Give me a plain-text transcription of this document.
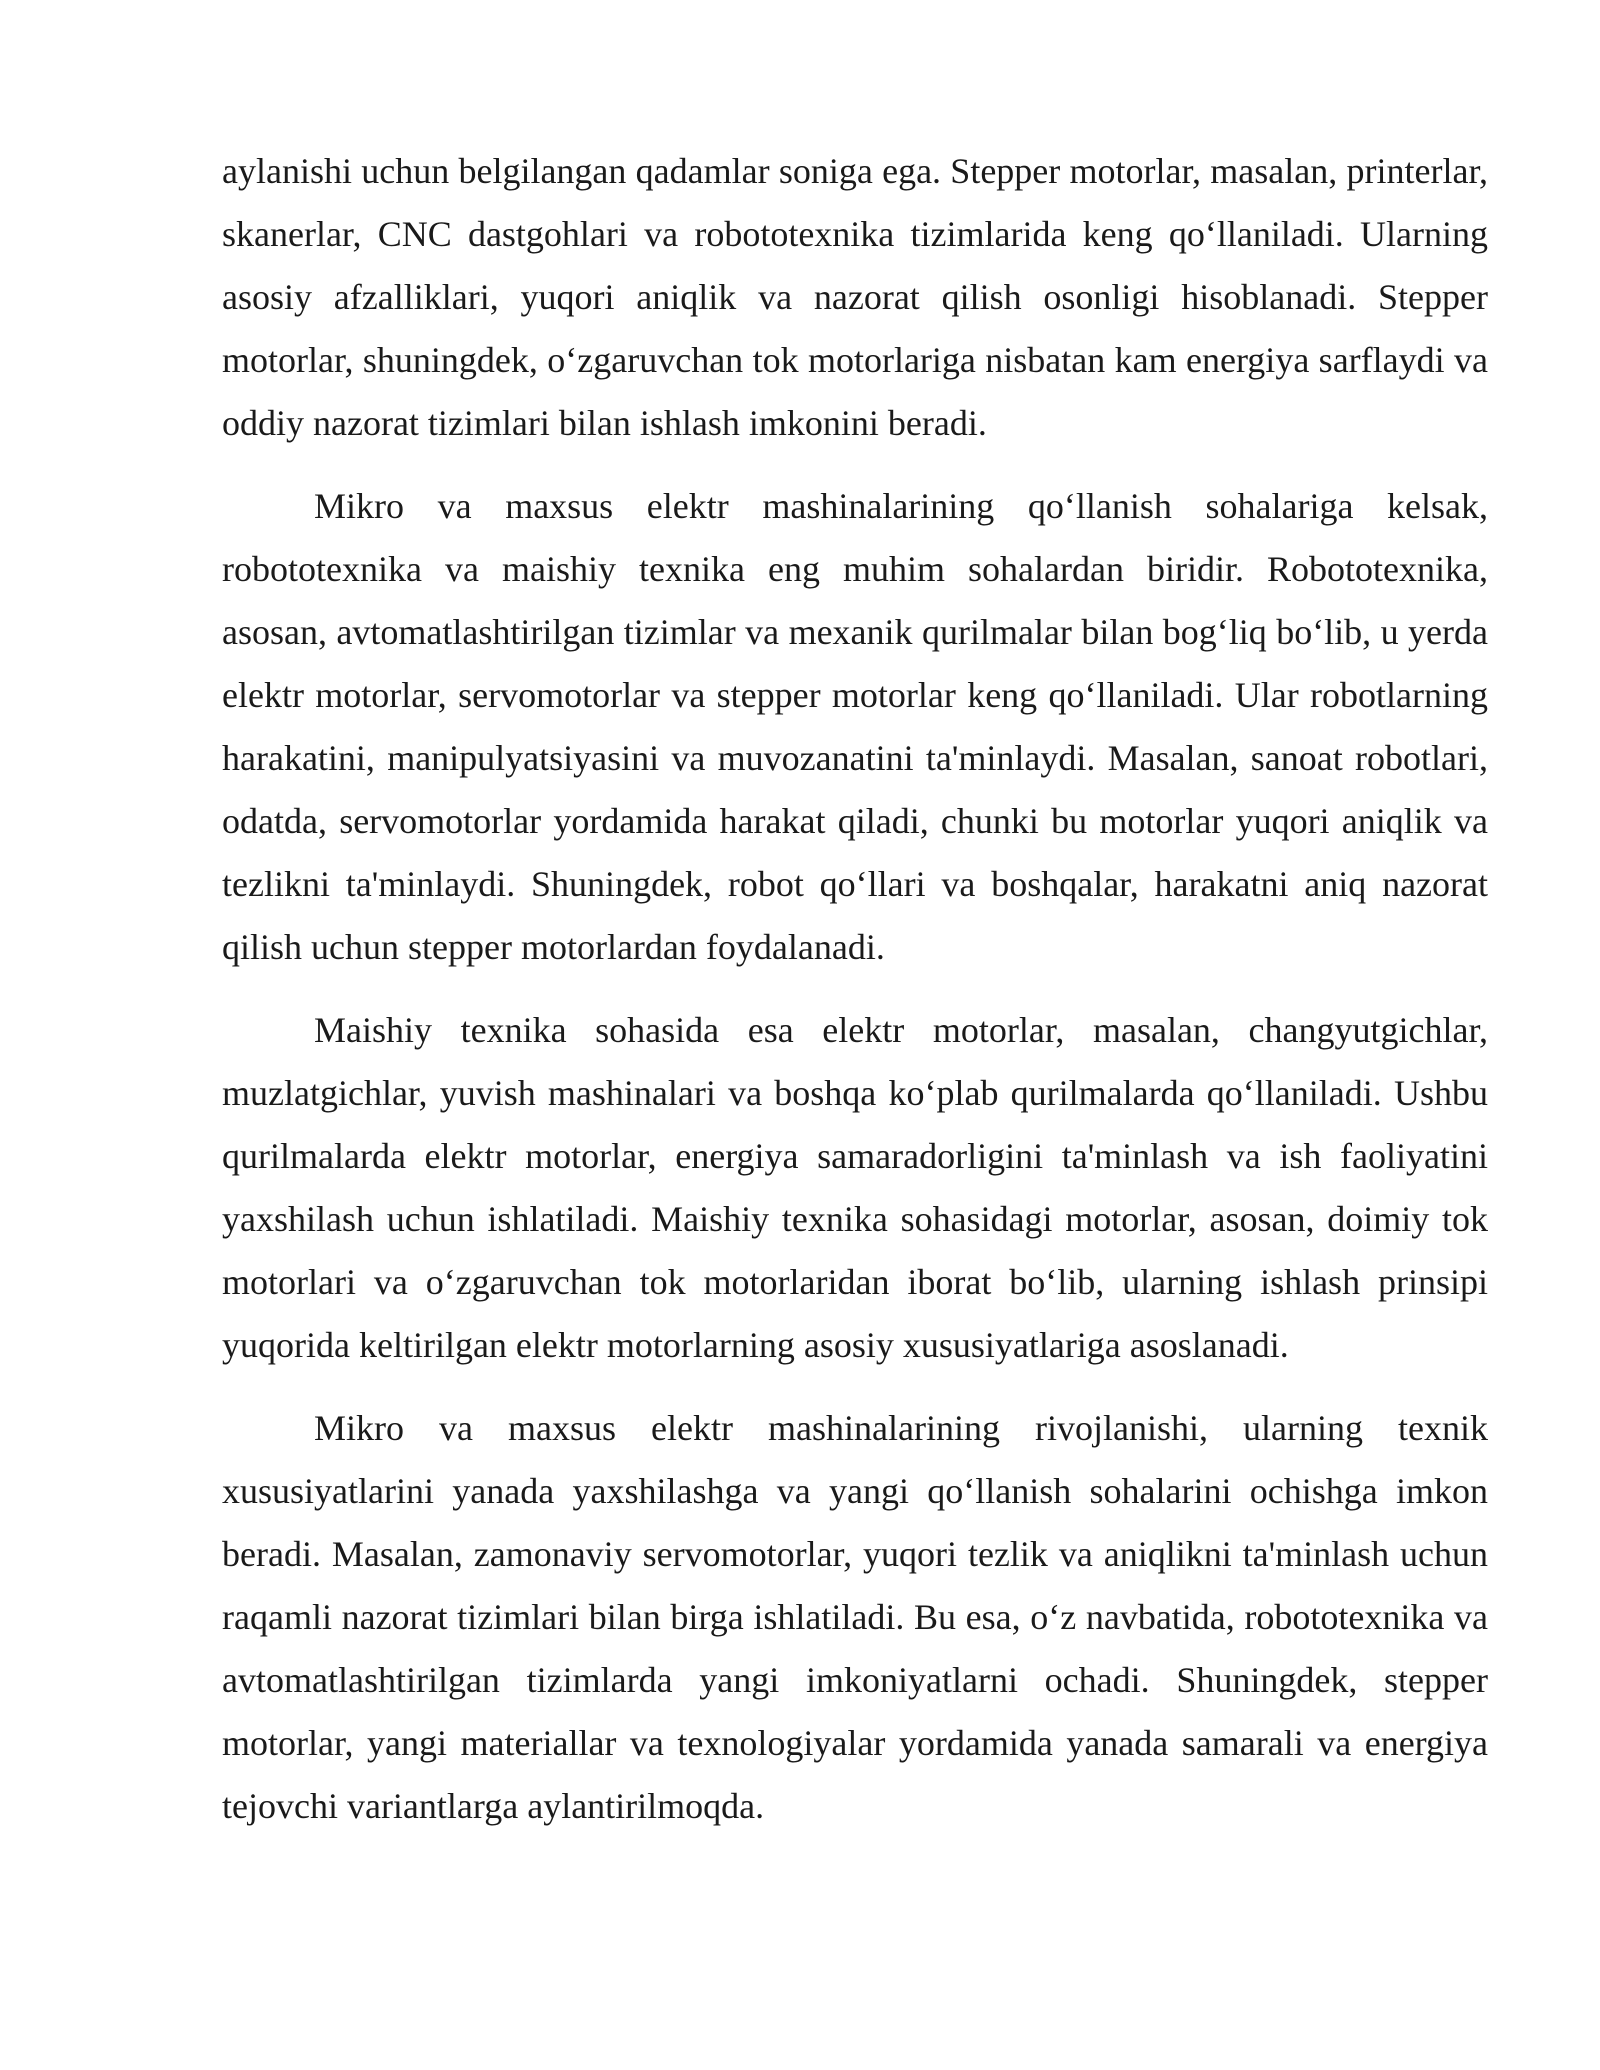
aylanishi uchun belgilangan qadamlar soniga ega. Stepper motorlar, masalan, printerlar, skanerlar, CNC dastgohlari va robototexnika tizimlarida keng qo‘llaniladi. Ularning asosiy afzalliklari, yuqori aniqlik va nazorat qilish osonligi hisoblanadi. Stepper motorlar, shuningdek, o‘zgaruvchan tok motorlariga nisbatan kam energiya sarflaydi va oddiy nazorat tizimlari bilan ishlash imkonini beradi.

Mikro va maxsus elektr mashinalarining qo‘llanish sohalariga kelsak, robototexnika va maishiy texnika eng muhim sohalardan biridir. Robototexnika, asosan, avtomatlashtirilgan tizimlar va mexanik qurilmalar bilan bog‘liq bo‘lib, u yerda elektr motorlar, servomotorlar va stepper motorlar keng qo‘llaniladi. Ular robotlarning harakatini, manipulyatsiyasini va muvozanatini ta'minlaydi. Masalan, sanoat robotlari, odatda, servomotorlar yordamida harakat qiladi, chunki bu motorlar yuqori aniqlik va tezlikni ta'minlaydi. Shuningdek, robot qo‘llari va boshqalar, harakatni aniq nazorat qilish uchun stepper motorlardan foydalanadi.

Maishiy texnika sohasida esa elektr motorlar, masalan, changyutgichlar, muzlatgichlar, yuvish mashinalari va boshqa ko‘plab qurilmalarda qo‘llaniladi. Ushbu qurilmalarda elektr motorlar, energiya samaradorligini ta'minlash va ish faoliyatini yaxshilash uchun ishlatiladi. Maishiy texnika sohasidagi motorlar, asosan, doimiy tok motorlari va o‘zgaruvchan tok motorlaridan iborat bo‘lib, ularning ishlash prinsipi yuqorida keltirilgan elektr motorlarning asosiy xususiyatlariga asoslanadi.

Mikro va maxsus elektr mashinalarining rivojlanishi, ularning texnik xususiyatlarini yanada yaxshilashga va yangi qo‘llanish sohalarini ochishga imkon beradi. Masalan, zamonaviy servomotorlar, yuqori tezlik va aniqlikni ta'minlash uchun raqamli nazorat tizimlari bilan birga ishlatiladi. Bu esa, o‘z navbatida, robototexnika va avtomatlashtirilgan tizimlarda yangi imkoniyatlarni ochadi. Shuningdek, stepper motorlar, yangi materiallar va texnologiyalar yordamida yanada samarali va energiya tejovchi variantlarga aylantirilmoqda.
